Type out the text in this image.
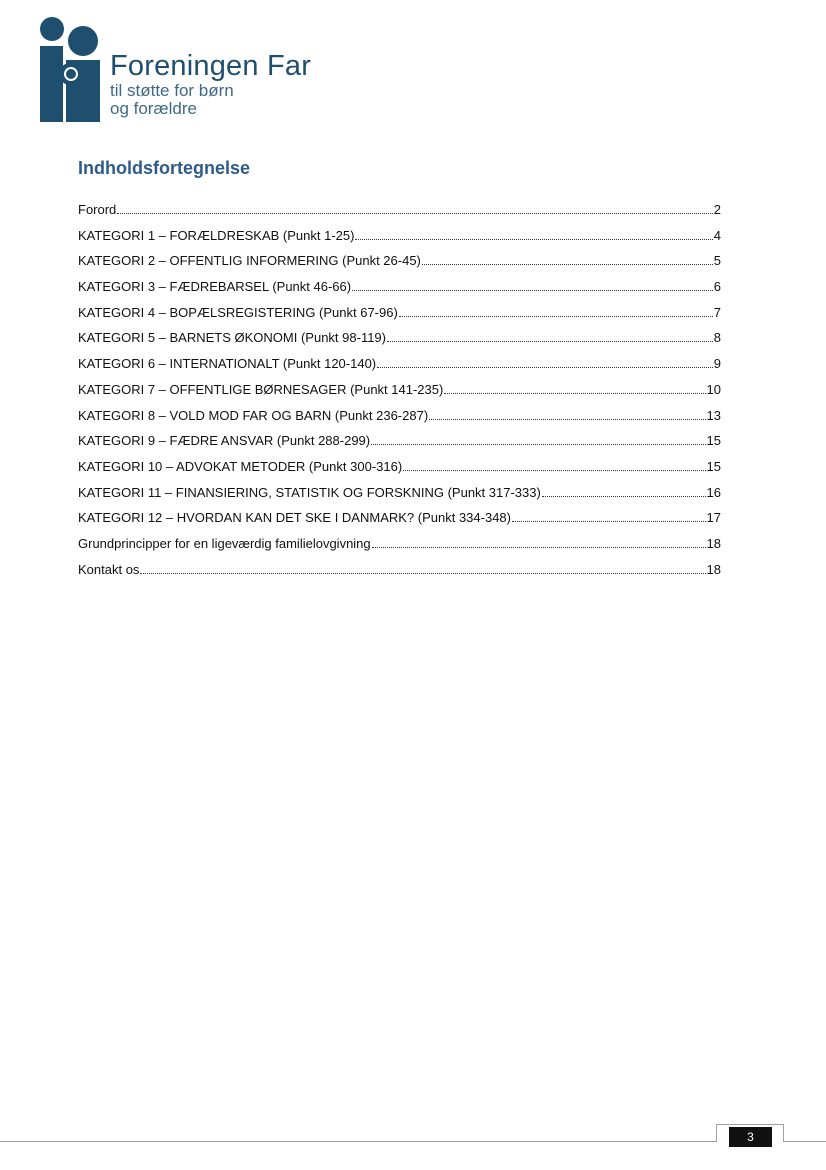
Foreningen Far
til støtte for børn
og forældre
Indholdsfortegnelse
Forord	2
KATEGORI 1 – FORÆLDRESKAB (Punkt 1-25)	4
KATEGORI 2 – OFFENTLIG INFORMERING (Punkt 26-45)	5
KATEGORI 3 – FÆDREBARSEL (Punkt 46-66)	6
KATEGORI 4 – BOPÆLSREGISTERING (Punkt 67-96)	7
KATEGORI 5 – BARNETS ØKONOMI (Punkt 98-119)	8
KATEGORI 6 – INTERNATIONALT (Punkt 120-140)	9
KATEGORI 7 – OFFENTLIGE BØRNESAGER (Punkt 141-235)	10
KATEGORI 8 – VOLD MOD FAR OG BARN (Punkt 236-287)	13
KATEGORI 9 – FÆDRE ANSVAR (Punkt 288-299)	15
KATEGORI 10 – ADVOKAT METODER (Punkt 300-316)	15
KATEGORI 11 – FINANSIERING, STATISTIK OG FORSKNING (Punkt 317-333)	16
KATEGORI 12 – HVORDAN KAN DET SKE I DANMARK? (Punkt 334-348)	17
Grundprincipper for en ligeværdig familielovgivning	18
Kontakt os	18
3
